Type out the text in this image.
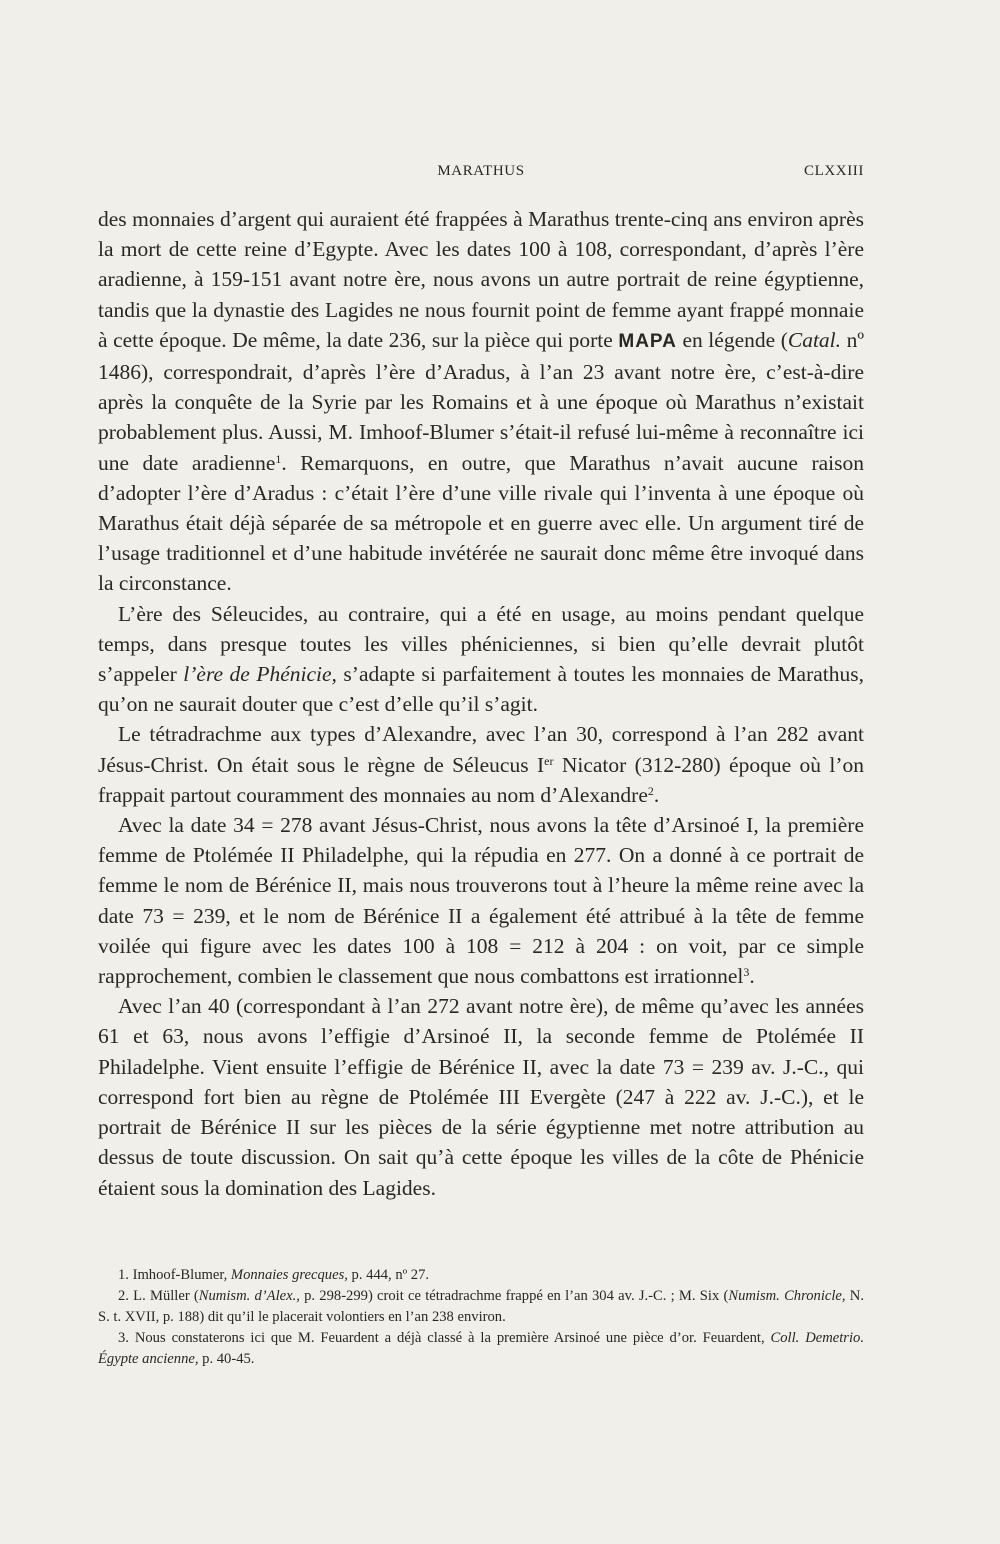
MARATHUS	CLXXIII

des monnaies d’argent qui auraient été frappées à Marathus trente-cinq ans environ après la mort de cette reine d’Egypte. Avec les dates 100 à 108, correspondant, d’après l’ère aradienne, à 159-151 avant notre ère, nous avons un autre portrait de reine égyptienne, tandis que la dynastie des Lagides ne nous fournit point de femme ayant frappé monnaie à cette époque. De même, la date 236, sur la pièce qui porte MAPA en légende (Catal. nº 1486), correspondrait, d’après l’ère d’Aradus, à l’an 23 avant notre ère, c’est-à-dire après la conquête de la Syrie par les Romains et à une époque où Marathus n’existait probablement plus. Aussi, M. Imhoof-Blumer s’était-il refusé lui-même à reconnaître ici une date aradienne$^1$. Remarquons, en outre, que Marathus n’avait aucune raison d’adopter l’ère d’Aradus : c’était l’ère d’une ville rivale qui l’inventa à une époque où Marathus était déjà séparée de sa métropole et en guerre avec elle. Un argument tiré de l’usage traditionnel et d’une habitude invétérée ne saurait donc même être invoqué dans la circonstance.

L’ère des Séleucides, au contraire, qui a été en usage, au moins pendant quelque temps, dans presque toutes les villes phéniciennes, si bien qu’elle devrait plutôt s’appeler l’ère de Phénicie, s’adapte si parfaitement à toutes les monnaies de Marathus, qu’on ne saurait douter que c’est d’elle qu’il s’agit.

Le tétradrachme aux types d’Alexandre, avec l’an 30, correspond à l’an 282 avant Jésus-Christ. On était sous le règne de Séleucus Ier Nicator (312-280) époque où l’on frappait partout couramment des monnaies au nom d’Alexandre$^2$.

Avec la date 34 = 278 avant Jésus-Christ, nous avons la tête d’Arsinoé I, la première femme de Ptolémée II Philadelphe, qui la répudia en 277. On a donné à ce portrait de femme le nom de Bérénice II, mais nous trouverons tout à l’heure la même reine avec la date 73 = 239, et le nom de Bérénice II a également été attribué à la tête de femme voilée qui figure avec les dates 100 à 108 = 212 à 204 : on voit, par ce simple rapprochement, combien le classement que nous combattons est irrationnel$^3$.

Avec l’an 40 (correspondant à l’an 272 avant notre ère), de même qu’avec les années 61 et 63, nous avons l’effigie d’Arsinoé II, la seconde femme de Ptolémée II Philadelphe. Vient ensuite l’effigie de Bérénice II, avec la date 73 = 239 av. J.-C., qui correspond fort bien au règne de Ptolémée III Evergète (247 à 222 av. J.-C.), et le portrait de Bérénice II sur les pièces de la série égyptienne met notre attribution au dessus de toute discussion. On sait qu’à cette époque les villes de la côte de Phénicie étaient sous la domination des Lagides.

1. Imhoof-Blumer, Monnaies grecques, p. 444, nº 27.

2. L. Müller (Numism. d’Alex., p. 298-299) croit ce tétradrachme frappé en l’an 304 av. J.-C. ; M. Six (Numism. Chronicle, N. S. t. XVII, p. 188) dit qu’il le placerait volontiers en l’an 238 environ.

3. Nous constaterons ici que M. Feuardent a déjà classé à la première Arsinoé une pièce d’or. Feuardent, Coll. Demetrio. Égypte ancienne, p. 40-45.
